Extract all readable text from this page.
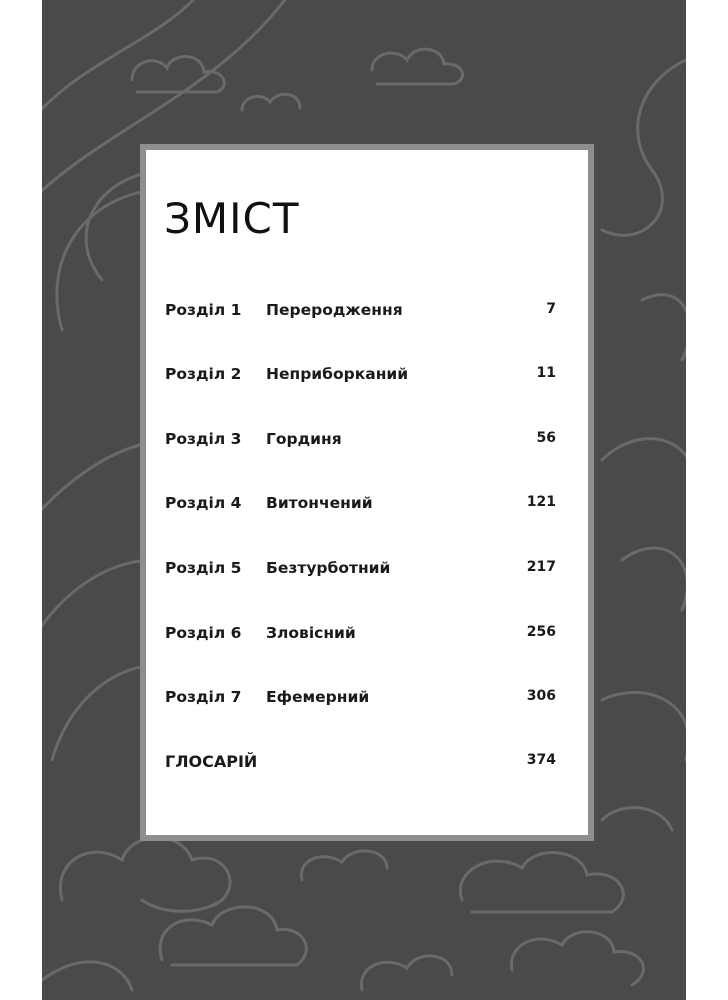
ЗМІСТ
Розділ 1 Переродження	7
Розділ 2 Неприборканий	11
Розділ 3 Гординя	56
Розділ 4 Витончений	121
Розділ 5 Безтурботний	217
Розділ 6 Зловісний	256
Розділ 7 Ефемерний	306
ГЛОСАРІЙ	374
